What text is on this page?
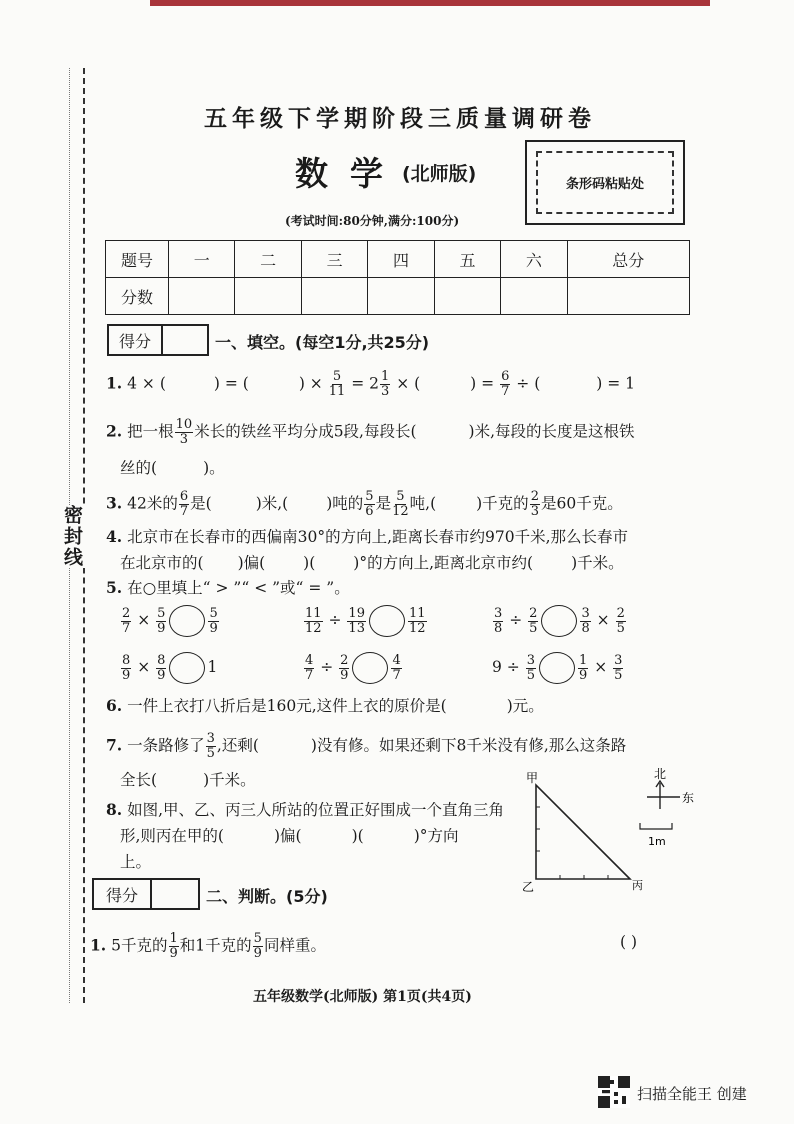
密封线
五年级下学期阶段三质量调研卷
数学
(北师版)	条形码粘贴处
(考试时间:80分钟,满分:100分)
题号	一	二	三	四	五	六	总分
分数							
得分	一、填空。(每空1分,共25分)
1. 4 × (	) = (	) × $\frac{5}{11} = 2 \frac{1}{3}$ × (	) = $\frac{6}{7}$ ÷ (	) = 1
2. 把一根 $\frac{10}{3}$ 米长的铁丝平均分成5段,每段长(	)米,每段的长度是这根铁
丝的(	)。
3. 42米的 $\frac{6}{7}$ 是(	)米,( )吨的 $\frac{5}{6}$ 是 $\frac{5}{12}$ 吨,(	)千克的 $\frac{2}{3}$ 是60千克。
4. 北京市在长春市的西偏南30°的方向上,距离长春市约970千米,那么长春市
在北京市的( )偏( )( )°的方向上,距离北京市约( )千米。
5. 在○里填上“ > ”“ < ”或“ = ”。
$\frac{2}{7} \times \frac{5}{9}$	$\frac{5}{9}$	$\frac{11}{12} \div \frac{19}{13}$	$\frac{11}{12}$	$\frac{3}{8} \div \frac{2}{5}$	$\frac{3}{8} \times \frac{2}{5}$
$\frac{8}{9} \times \frac{8}{9}$	1	$\frac{4}{7} \div \frac{2}{9}$	$\frac{4}{7}$	$9 \div \frac{3}{5}$	$\frac{1}{9} \times \frac{3}{5}$
6. 一件上衣打八折后是160元,这件上衣的原价是(	)元。
7. 一条路修了 $\frac{3}{5}$ ,还剩(	)没有修。如果还剩下8千米没有修,那么这条路
全长(	)千米。
8. 如图,甲、乙、丙三人所站的位置正好围成一个直角三角
形,则丙在甲的(	)偏(	)(	)°方向
上。
甲
乙	丙
北
东
1m
得分	二、判断。(5分)
1. 5千克的 $\frac{1}{9}$ 和1千克的 $\frac{5}{9}$ 同样重。	( )
五年级数学(北师版) 第1页(共4页)
扫描全能王 创建
